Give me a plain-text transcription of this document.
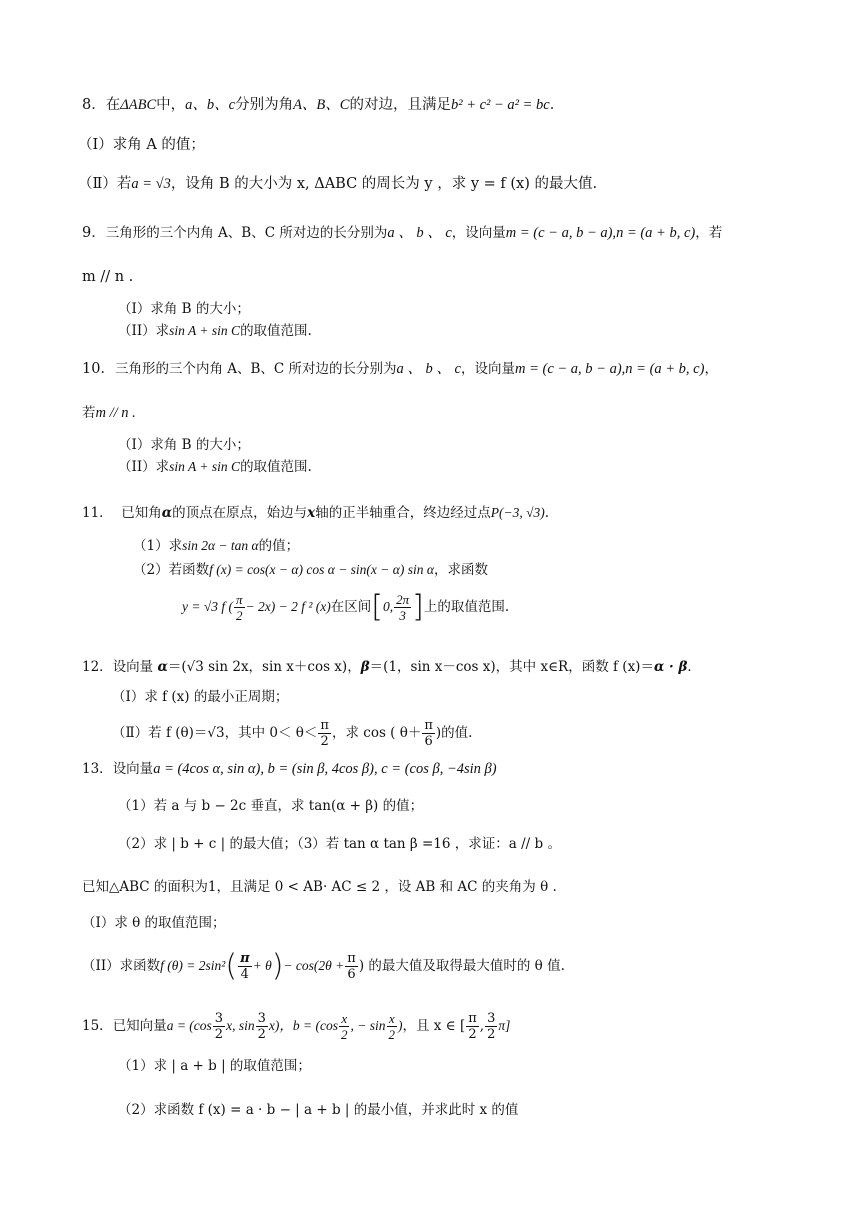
8．在ΔABC中，a、b、c分别为角A、B、C的对边，且满足b² + c² − a² = bc．
（Ⅰ）求角 A 的值；
（Ⅱ）若a = √3，设角 B 的大小为 x, ΔABC 的周长为 y ，求 y = f (x) 的最大值.
9．三角形的三个内角 A、B、C 所对边的长分别为a 、 b 、 c，设向量m = (c − a, b − a),n = (a + b, c)，若
m // n .
（I）求角 B 的大小；
（II）求sin A + sin C的取值范围.
10．三角形的三个内角 A、B、C 所对边的长分别为a 、 b 、 c，设向量m = (c − a, b − a),n = (a + b, c)，
若m // n .
（I）求角 B 的大小；
（II）求sin A + sin C的取值范围.
11． 已知角α的顶点在原点，始边与x轴的正半轴重合，终边经过点P(−3, √3).
（1）求sin 2α − tan α的值；
（2）若函数f (x) = cos(x − α) cos α − sin(x − α) sin α，求函数
y = √3 f ( $\frac{\pi}{2} - 2x) - 2$ f ² (x)在区间[0, $\frac{2\pi}{3}$ ]上的取值范围.
12．设向量 α＝(√3 sin 2x，sin x＋cos x)，β＝(1，sin x－cos x)，其中 x∈R，函数 f (x)＝α · β．
（Ⅰ）求 f (x) 的最小正周期；
（Ⅱ）若 f (θ)＝√3，其中 $0< \theta< \frac{\pi}{2}$ ，求 cos ( $\theta+ \frac{\pi}{6}$ )的值.
13．设向量a = (4cos α, sin α), b = (sin β, 4cos β), c = (cos β, −4sin β)
（1）若 a 与 b − 2c 垂直，求 tan(α + β) 的值；
（2）求 | b + c | 的最大值；（3）若 tan α tan β =16 ，求证：a // b 。
已知△ABC 的面积为1，且满足 0 < AB· AC ≤ 2 ，设 AB 和 AC 的夹角为 θ .
（I）求 θ 的取值范围；
（II）求函数f $(\theta) = 2\sin^2( \frac{\pi}{4} + \theta)- \cos(2\theta + \frac{\pi}{6}$ ) 的最大值及取得最大值时的 θ 值.
15．已知向量$a = (\cos \frac{3}{2} x$, $\sin \frac{3}{2} x$)，$b = (\cos \frac{x}{2}$ , − $\sin \frac{x}{2}$ )，且 x ∈ [ $\frac{\pi}{2}$ , $\frac{3}{2} \pi$]
（1）求 | a + b | 的取值范围；
（2）求函数 f (x) = a · b − | a + b | 的最小值，并求此时 x 的值
